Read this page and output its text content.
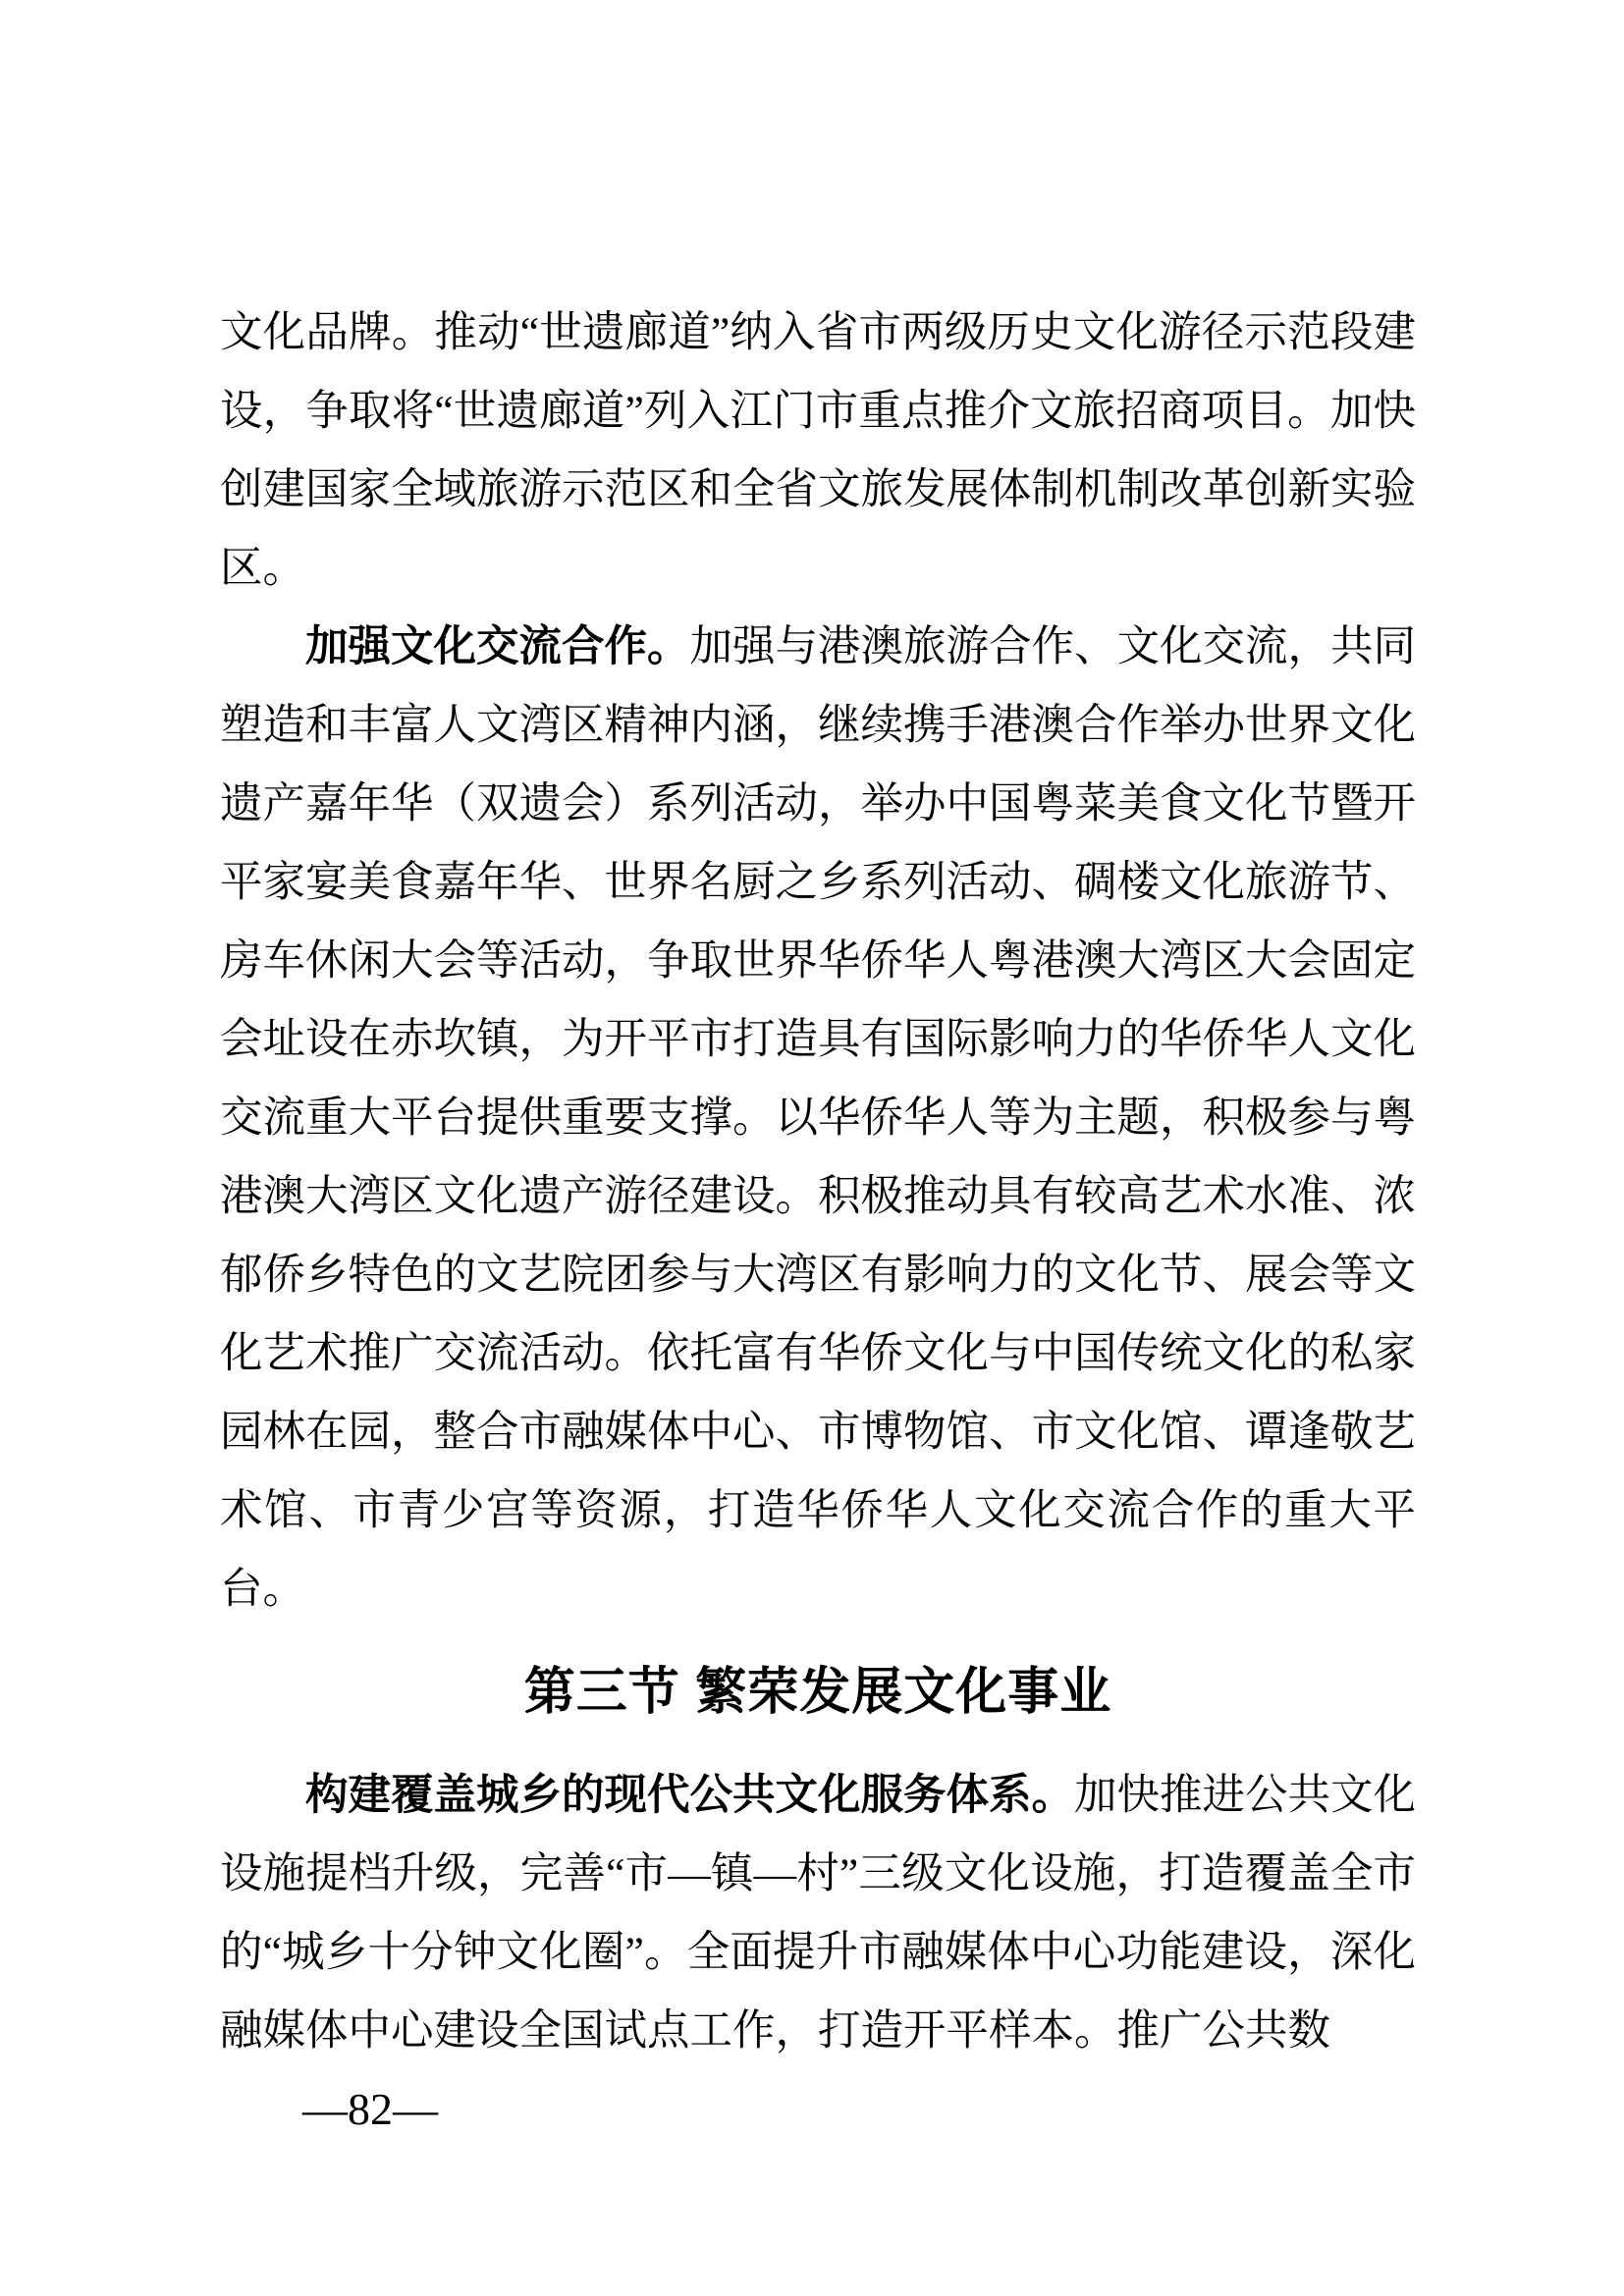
文化品牌。推动“世遗廊道”纳入省市两级历史文化游径示范段建设，争取将“世遗廊道”列入江门市重点推介文旅招商项目。加快创建国家全域旅游示范区和全省文旅发展体制机制改革创新实验区。

加强文化交流合作。加强与港澳旅游合作、文化交流，共同塑造和丰富人文湾区精神内涵，继续携手港澳合作举办世界文化遗产嘉年华（双遗会）系列活动，举办中国粤菜美食文化节暨开平家宴美食嘉年华、世界名厨之乡系列活动、碉楼文化旅游节、房车休闲大会等活动，争取世界华侨华人粤港澳大湾区大会固定会址设在赤坎镇，为开平市打造具有国际影响力的华侨华人文化交流重大平台提供重要支撑。以华侨华人等为主题，积极参与粤港澳大湾区文化遗产游径建设。积极推动具有较高艺术水准、浓郁侨乡特色的文艺院团参与大湾区有影响力的文化节、展会等文化艺术推广交流活动。依托富有华侨文化与中国传统文化的私家园林在园，整合市融媒体中心、市博物馆、市文化馆、谭逢敬艺术馆、市青少宫等资源，打造华侨华人文化交流合作的重大平台。

第三节 繁荣发展文化事业

构建覆盖城乡的现代公共文化服务体系。加快推进公共文化设施提档升级，完善“市—镇—村”三级文化设施，打造覆盖全市的“城乡十分钟文化圈”。全面提升市融媒体中心功能建设，深化融媒体中心建设全国试点工作，打造开平样本。推广公共数

—82—
